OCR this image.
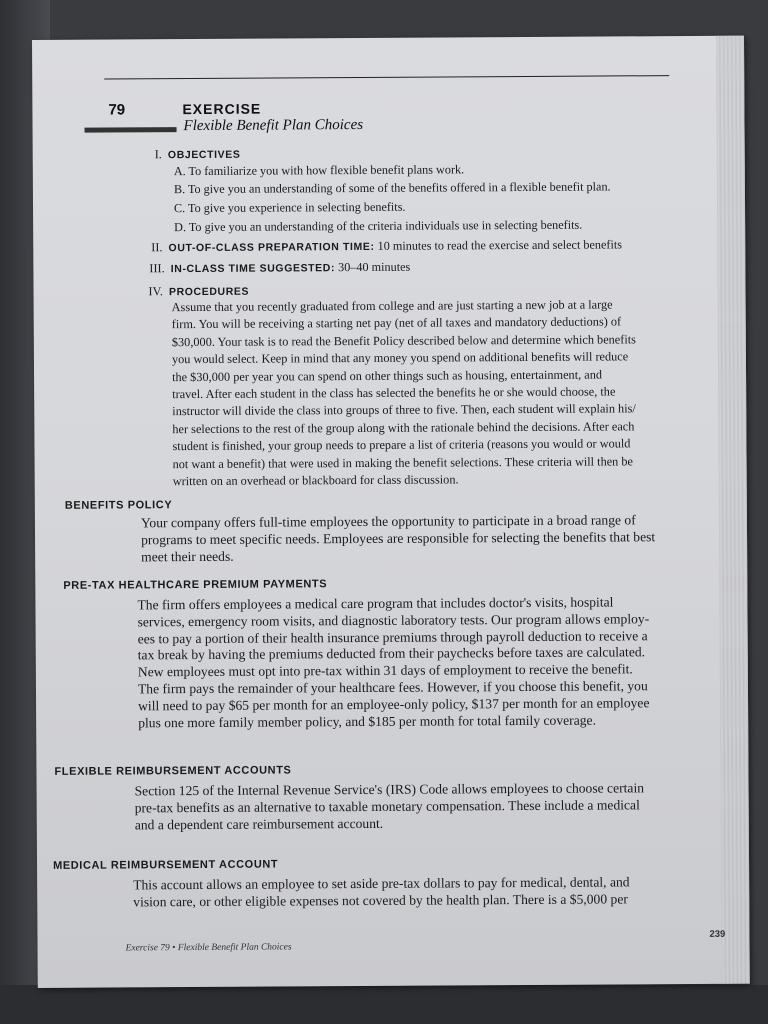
79	EXERCISE
Flexible Benefit Plan Choices
I. OBJECTIVES
A. To familiarize you with how flexible benefit plans work.
B. To give you an understanding of some of the benefits offered in a flexible benefit plan.
C. To give you experience in selecting benefits.
D. To give you an understanding of the criteria individuals use in selecting benefits.
II. OUT-OF-CLASS PREPARATION TIME: 10 minutes to read the exercise and select benefits
III. IN-CLASS TIME SUGGESTED: 30–40 minutes
IV. PROCEDURES
Assume that you recently graduated from college and are just starting a new job at a large
firm. You will be receiving a starting net pay (net of all taxes and mandatory deductions) of
$30,000. Your task is to read the Benefit Policy described below and determine which benefits
you would select. Keep in mind that any money you spend on additional benefits will reduce
the $30,000 per year you can spend on other things such as housing, entertainment, and
travel. After each student in the class has selected the benefits he or she would choose, the
instructor will divide the class into groups of three to five. Then, each student will explain his/
her selections to the rest of the group along with the rationale behind the decisions. After each
student is finished, your group needs to prepare a list of criteria (reasons you would or would
not want a benefit) that were used in making the benefit selections. These criteria will then be
written on an overhead or blackboard for class discussion.
BENEFITS POLICY
Your company offers full-time employees the opportunity to participate in a broad range of
programs to meet specific needs. Employees are responsible for selecting the benefits that best
meet their needs.
PRE-TAX HEALTHCARE PREMIUM PAYMENTS
The firm offers employees a medical care program that includes doctor's visits, hospital
services, emergency room visits, and diagnostic laboratory tests. Our program allows employ-
ees to pay a portion of their health insurance premiums through payroll deduction to receive a
tax break by having the premiums deducted from their paychecks before taxes are calculated.
New employees must opt into pre-tax within 31 days of employment to receive the benefit.
The firm pays the remainder of your healthcare fees. However, if you choose this benefit, you
will need to pay $65 per month for an employee-only policy, $137 per month for an employee
plus one more family member policy, and $185 per month for total family coverage.
FLEXIBLE REIMBURSEMENT ACCOUNTS
Section 125 of the Internal Revenue Service's (IRS) Code allows employees to choose certain
pre-tax benefits as an alternative to taxable monetary compensation. These include a medical
and a dependent care reimbursement account.
MEDICAL REIMBURSEMENT ACCOUNT
This account allows an employee to set aside pre-tax dollars to pay for medical, dental, and
vision care, or other eligible expenses not covered by the health plan. There is a $5,000 per
Exercise 79 • Flexible Benefit Plan Choices
239
